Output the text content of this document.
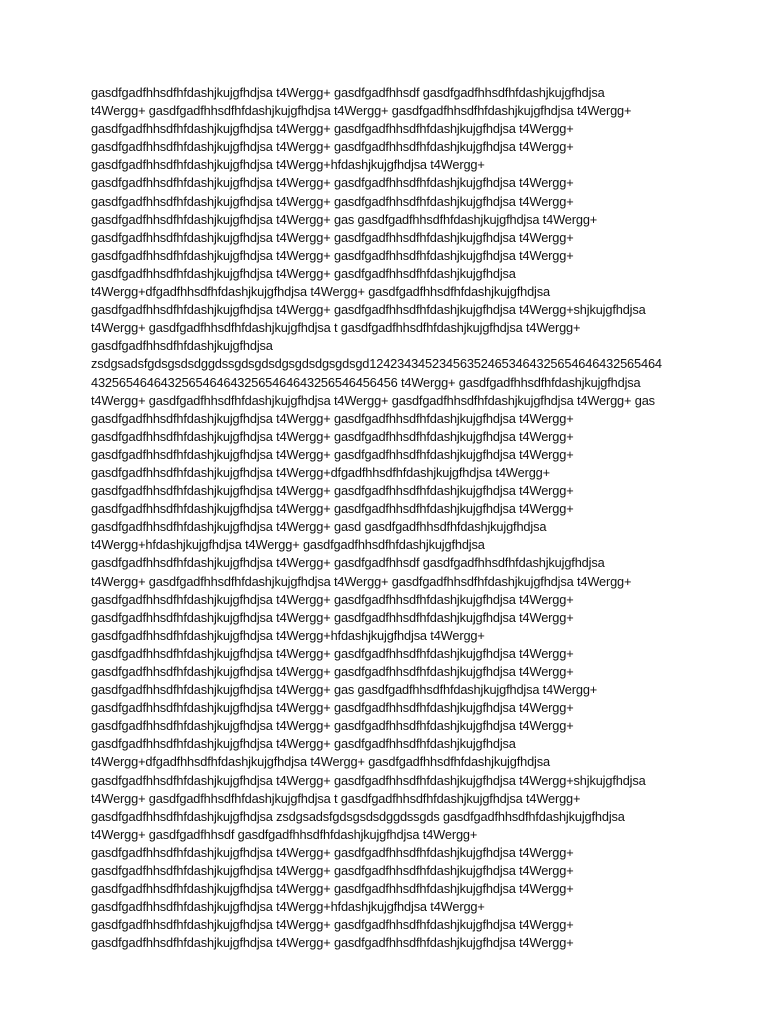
gasdfgadfhhsdfhfdashjkujgfhdjsa t4Wergg+ gasdfgadfhhsdf gasdfgadfhhsdfhfdashjkujgfhdjsa
t4Wergg+ gasdfgadfhhsdfhfdashjkujgfhdjsa t4Wergg+ gasdfgadfhhsdfhfdashjkujgfhdjsa t4Wergg+
gasdfgadfhhsdfhfdashjkujgfhdjsa t4Wergg+ gasdfgadfhhsdfhfdashjkujgfhdjsa t4Wergg+
gasdfgadfhhsdfhfdashjkujgfhdjsa t4Wergg+ gasdfgadfhhsdfhfdashjkujgfhdjsa t4Wergg+
gasdfgadfhhsdfhfdashjkujgfhdjsa t4Wergg+hfdashjkujgfhdjsa t4Wergg+
gasdfgadfhhsdfhfdashjkujgfhdjsa t4Wergg+ gasdfgadfhhsdfhfdashjkujgfhdjsa t4Wergg+
gasdfgadfhhsdfhfdashjkujgfhdjsa t4Wergg+ gasdfgadfhhsdfhfdashjkujgfhdjsa t4Wergg+
gasdfgadfhhsdfhfdashjkujgfhdjsa t4Wergg+ gas gasdfgadfhhsdfhfdashjkujgfhdjsa t4Wergg+
gasdfgadfhhsdfhfdashjkujgfhdjsa t4Wergg+ gasdfgadfhhsdfhfdashjkujgfhdjsa t4Wergg+
gasdfgadfhhsdfhfdashjkujgfhdjsa t4Wergg+ gasdfgadfhhsdfhfdashjkujgfhdjsa t4Wergg+
gasdfgadfhhsdfhfdashjkujgfhdjsa t4Wergg+ gasdfgadfhhsdfhfdashjkujgfhdjsa
t4Wergg+dfgadfhhsdfhfdashjkujgfhdjsa t4Wergg+ gasdfgadfhhsdfhfdashjkujgfhdjsa
gasdfgadfhhsdfhfdashjkujgfhdjsa t4Wergg+ gasdfgadfhhsdfhfdashjkujgfhdjsa t4Wergg+shjkujgfhdjsa
t4Wergg+ gasdfgadfhhsdfhfdashjkujgfhdjsa t gasdfgadfhhsdfhfdashjkujgfhdjsa t4Wergg+
gasdfgadfhhsdfhfdashjkujgfhdjsa
zsdgsadsfgdsgsdsdggdssgdsgdsdgsgdsdgsgdsgd124234345234563524653464325654646432565464
43256546464325654646432565464643256546456456 t4Wergg+ gasdfgadfhhsdfhfdashjkujgfhdjsa
t4Wergg+ gasdfgadfhhsdfhfdashjkujgfhdjsa t4Wergg+ gasdfgadfhhsdfhfdashjkujgfhdjsa t4Wergg+ gas
gasdfgadfhhsdfhfdashjkujgfhdjsa t4Wergg+ gasdfgadfhhsdfhfdashjkujgfhdjsa t4Wergg+
gasdfgadfhhsdfhfdashjkujgfhdjsa t4Wergg+ gasdfgadfhhsdfhfdashjkujgfhdjsa t4Wergg+
gasdfgadfhhsdfhfdashjkujgfhdjsa t4Wergg+ gasdfgadfhhsdfhfdashjkujgfhdjsa t4Wergg+
gasdfgadfhhsdfhfdashjkujgfhdjsa t4Wergg+dfgadfhhsdfhfdashjkujgfhdjsa t4Wergg+
gasdfgadfhhsdfhfdashjkujgfhdjsa t4Wergg+ gasdfgadfhhsdfhfdashjkujgfhdjsa t4Wergg+
gasdfgadfhhsdfhfdashjkujgfhdjsa t4Wergg+ gasdfgadfhhsdfhfdashjkujgfhdjsa t4Wergg+
gasdfgadfhhsdfhfdashjkujgfhdjsa t4Wergg+ gasd gasdfgadfhhsdfhfdashjkujgfhdjsa
t4Wergg+hfdashjkujgfhdjsa t4Wergg+ gasdfgadfhhsdfhfdashjkujgfhdjsa
gasdfgadfhhsdfhfdashjkujgfhdjsa t4Wergg+ gasdfgadfhhsdf gasdfgadfhhsdfhfdashjkujgfhdjsa
t4Wergg+ gasdfgadfhhsdfhfdashjkujgfhdjsa t4Wergg+ gasdfgadfhhsdfhfdashjkujgfhdjsa t4Wergg+
gasdfgadfhhsdfhfdashjkujgfhdjsa t4Wergg+ gasdfgadfhhsdfhfdashjkujgfhdjsa t4Wergg+
gasdfgadfhhsdfhfdashjkujgfhdjsa t4Wergg+ gasdfgadfhhsdfhfdashjkujgfhdjsa t4Wergg+
gasdfgadfhhsdfhfdashjkujgfhdjsa t4Wergg+hfdashjkujgfhdjsa t4Wergg+
gasdfgadfhhsdfhfdashjkujgfhdjsa t4Wergg+ gasdfgadfhhsdfhfdashjkujgfhdjsa t4Wergg+
gasdfgadfhhsdfhfdashjkujgfhdjsa t4Wergg+ gasdfgadfhhsdfhfdashjkujgfhdjsa t4Wergg+
gasdfgadfhhsdfhfdashjkujgfhdjsa t4Wergg+ gas gasdfgadfhhsdfhfdashjkujgfhdjsa t4Wergg+
gasdfgadfhhsdfhfdashjkujgfhdjsa t4Wergg+ gasdfgadfhhsdfhfdashjkujgfhdjsa t4Wergg+
gasdfgadfhhsdfhfdashjkujgfhdjsa t4Wergg+ gasdfgadfhhsdfhfdashjkujgfhdjsa t4Wergg+
gasdfgadfhhsdfhfdashjkujgfhdjsa t4Wergg+ gasdfgadfhhsdfhfdashjkujgfhdjsa
t4Wergg+dfgadfhhsdfhfdashjkujgfhdjsa t4Wergg+ gasdfgadfhhsdfhfdashjkujgfhdjsa
gasdfgadfhhsdfhfdashjkujgfhdjsa t4Wergg+ gasdfgadfhhsdfhfdashjkujgfhdjsa t4Wergg+shjkujgfhdjsa
t4Wergg+ gasdfgadfhhsdfhfdashjkujgfhdjsa t gasdfgadfhhsdfhfdashjkujgfhdjsa t4Wergg+
gasdfgadfhhsdfhfdashjkujgfhdjsa zsdgsadsfgdsgsdsdggdssgds gasdfgadfhhsdfhfdashjkujgfhdjsa
t4Wergg+ gasdfgadfhhsdf gasdfgadfhhsdfhfdashjkujgfhdjsa t4Wergg+
gasdfgadfhhsdfhfdashjkujgfhdjsa t4Wergg+ gasdfgadfhhsdfhfdashjkujgfhdjsa t4Wergg+
gasdfgadfhhsdfhfdashjkujgfhdjsa t4Wergg+ gasdfgadfhhsdfhfdashjkujgfhdjsa t4Wergg+
gasdfgadfhhsdfhfdashjkujgfhdjsa t4Wergg+ gasdfgadfhhsdfhfdashjkujgfhdjsa t4Wergg+
gasdfgadfhhsdfhfdashjkujgfhdjsa t4Wergg+hfdashjkujgfhdjsa t4Wergg+
gasdfgadfhhsdfhfdashjkujgfhdjsa t4Wergg+ gasdfgadfhhsdfhfdashjkujgfhdjsa t4Wergg+
gasdfgadfhhsdfhfdashjkujgfhdjsa t4Wergg+ gasdfgadfhhsdfhfdashjkujgfhdjsa t4Wergg+
